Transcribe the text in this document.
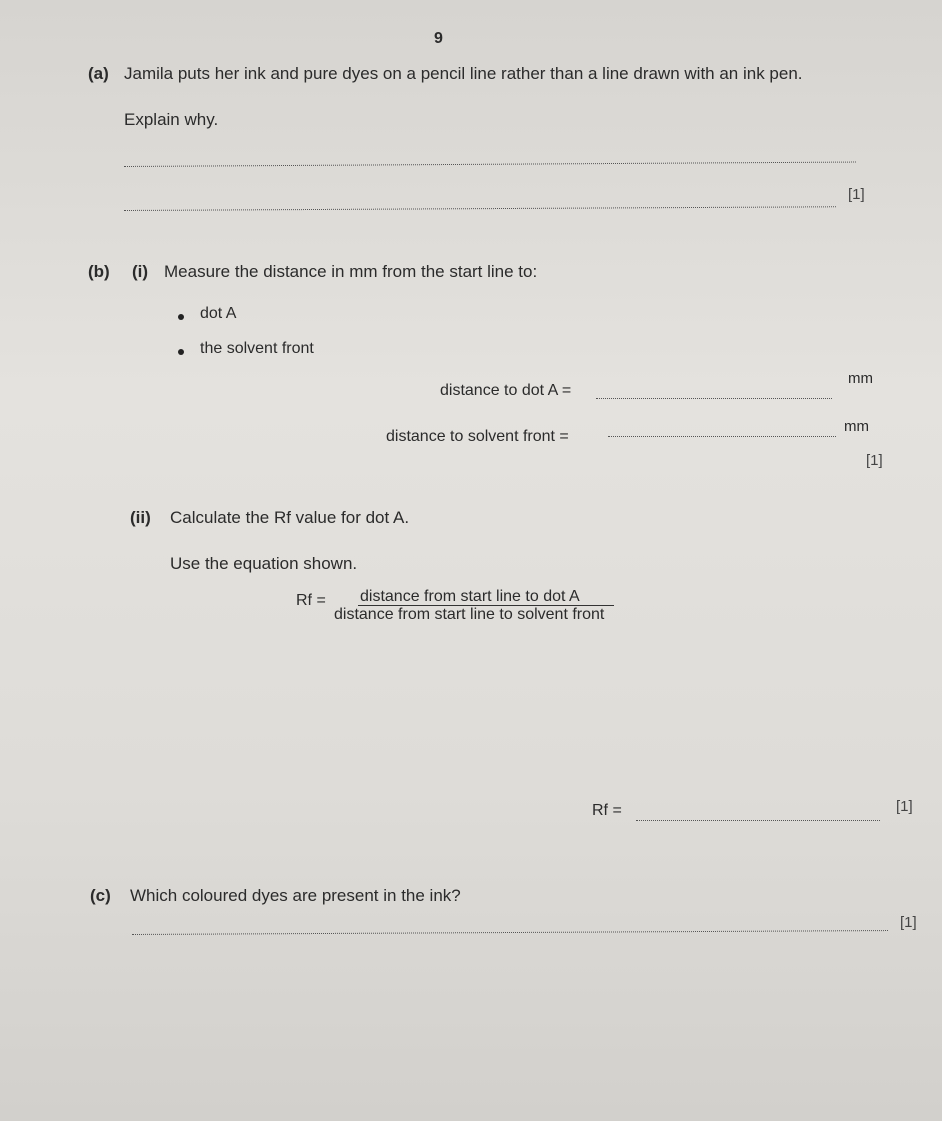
9
(a) Jamila puts her ink and pure dyes on a pencil line rather than a line drawn with an ink pen.
Explain why.
[1]
(b) (i) Measure the distance in mm from the start line to:
dot A
the solvent front
distance to dot A =
mm
distance to solvent front =
mm
[1]
(ii) Calculate the Rf value for dot A.
Use the equation shown.
Rf = distance from start line to dot A
distance from start line to solvent front
Rf =	[1]
(c) Which coloured dyes are present in the ink?
[1]
